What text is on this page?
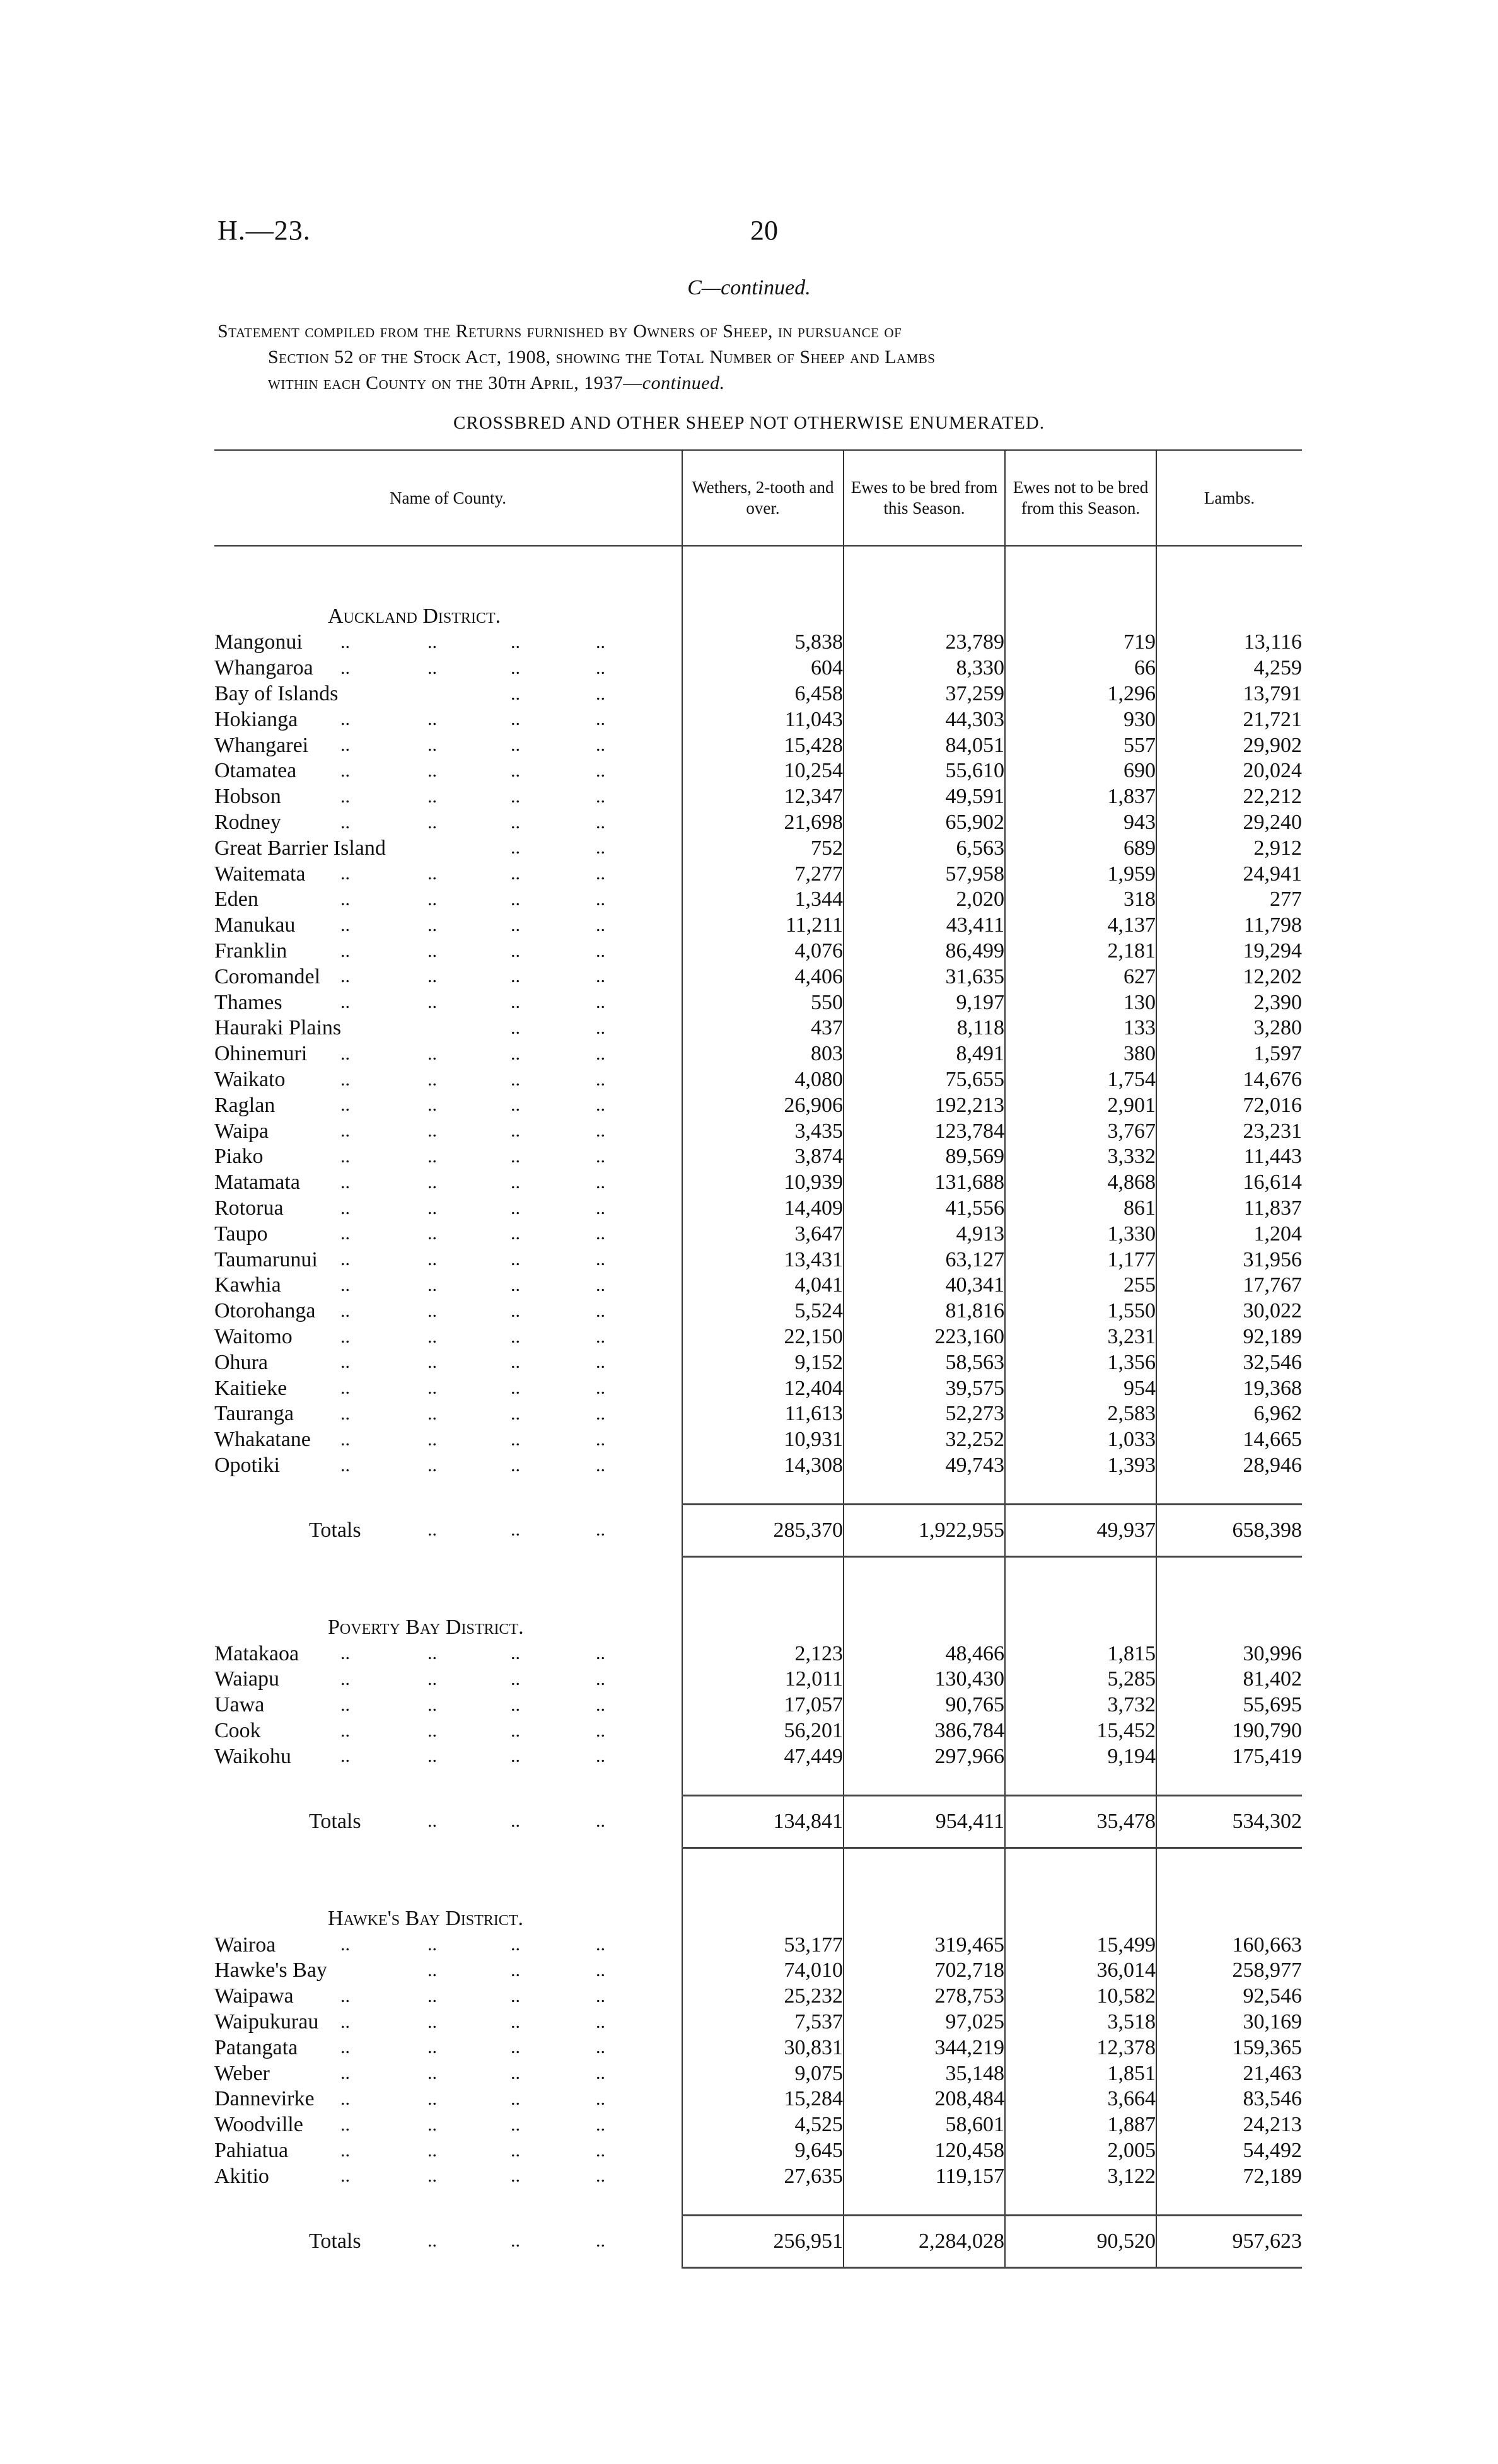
H.—23.	20
C—continued.
Statement compiled from the Returns furnished by Owners of Sheep, in pursuance of
Section 52 of the Stock Act, 1908, showing the Total Number of Sheep and Lambs
within each County on the 30th April, 1937—continued.
CROSSBRED AND OTHER SHEEP NOT OTHERWISE ENUMERATED.
Name of County.	Wethers, 2-tooth and over.	Ewes to be bred from this Season.	Ewes not to be bred from this Season.	Lambs.

Auckland District.				

.. .. .. ..
Mangonui	5,838	23,789	719	13,116

.. .. .. ..
Whangaroa	604	8,330	66	4,259

.. ..
Bay of Islands	6,458	37,259	1,296	13,791

.. .. .. ..
Hokianga	11,043	44,303	930	21,721

.. .. .. ..
Whangarei	15,428	84,051	557	29,902

.. .. .. ..
Otamatea	10,254	55,610	690	20,024

.. .. .. ..
Hobson	12,347	49,591	1,837	22,212

.. .. .. ..
Rodney	21,698	65,902	943	29,240

.. ..
Great Barrier Island	752	6,563	689	2,912

.. .. .. ..
Waitemata	7,277	57,958	1,959	24,941

.. .. .. ..
Eden	1,344	2,020	318	277

.. .. .. ..
Manukau	11,211	43,411	4,137	11,798

.. .. .. ..
Franklin	4,076	86,499	2,181	19,294

.. .. .. ..
Coromandel	4,406	31,635	627	12,202

.. .. .. ..
Thames	550	9,197	130	2,390

.. ..
Hauraki Plains	437	8,118	133	3,280

.. .. .. ..
Ohinemuri	803	8,491	380	1,597

.. .. .. ..
Waikato	4,080	75,655	1,754	14,676

.. .. .. ..
Raglan	26,906	192,213	2,901	72,016

.. .. .. ..
Waipa	3,435	123,784	3,767	23,231

.. .. .. ..
Piako	3,874	89,569	3,332	11,443

.. .. .. ..
Matamata	10,939	131,688	4,868	16,614

.. .. .. ..
Rotorua	14,409	41,556	861	11,837

.. .. .. ..
Taupo	3,647	4,913	1,330	1,204

.. .. .. ..
Taumarunui	13,431	63,127	1,177	31,956

.. .. .. ..
Kawhia	4,041	40,341	255	17,767

.. .. .. ..
Otorohanga	5,524	81,816	1,550	30,022

.. .. .. ..
Waitomo	22,150	223,160	3,231	92,189

.. .. .. ..
Ohura	9,152	58,563	1,356	32,546

.. .. .. ..
Kaitieke	12,404	39,575	954	19,368

.. .. .. ..
Tauranga	11,613	52,273	2,583	6,962

.. .. .. ..
Whakatane	10,931	32,252	1,033	14,665

.. .. .. ..
Opotiki	14,308	49,743	1,393	28,946

.. .. ..
Totals	285,370	1,922,955	49,937	658,398

Poverty Bay District.				

.. .. .. ..
Matakaoa	2,123	48,466	1,815	30,996

.. .. .. ..
Waiapu	12,011	130,430	5,285	81,402

.. .. .. ..
Uawa	17,057	90,765	3,732	55,695

.. .. .. ..
Cook	56,201	386,784	15,452	190,790

.. .. .. ..
Waikohu	47,449	297,966	9,194	175,419

.. .. ..
Totals	134,841	954,411	35,478	534,302

Hawke's Bay District.				

.. .. .. ..
Wairoa	53,177	319,465	15,499	160,663

.. .. ..
Hawke's Bay	74,010	702,718	36,014	258,977

.. .. .. ..
Waipawa	25,232	278,753	10,582	92,546

.. .. .. ..
Waipukurau	7,537	97,025	3,518	30,169

.. .. .. ..
Patangata	30,831	344,219	12,378	159,365

.. .. .. ..
Weber	9,075	35,148	1,851	21,463

.. .. .. ..
Dannevirke	15,284	208,484	3,664	83,546

.. .. .. ..
Woodville	4,525	58,601	1,887	24,213

.. .. .. ..
Pahiatua	9,645	120,458	2,005	54,492

.. .. .. ..
Akitio	27,635	119,157	3,122	72,189

.. .. ..
Totals	256,951	2,284,028	90,520	957,623
